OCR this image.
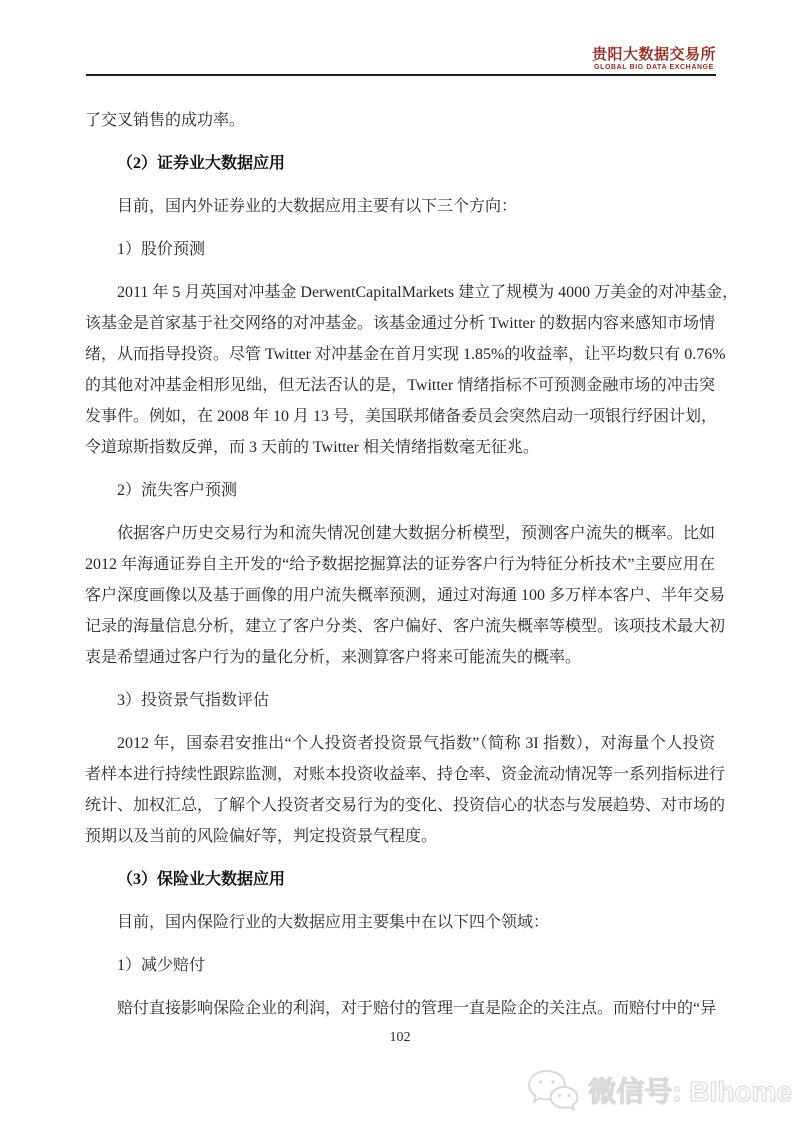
贵阳大数据交易所
GLOBAL BIG DATA EXCHANGE

了交叉销售的成功率。

（2）证券业大数据应用

目前，国内外证券业的大数据应用主要有以下三个方向：

1）股价预测

2011 年 5 月英国对冲基金 DerwentCapitalMarkets 建立了规模为 4000 万美金的对冲基金，

该基金是首家基于社交网络的对冲基金。该基金通过分析 Twitter 的数据内容来感知市场情

绪，从而指导投资。尽管 Twitter 对冲基金在首月实现 1.85%的收益率，让平均数只有 0.76%

的其他对冲基金相形见绌，但无法否认的是，Twitter 情绪指标不可预测金融市场的冲击突

发事件。例如，在 2008 年 10 月 13 号，美国联邦储备委员会突然启动一项银行纾困计划，

令道琼斯指数反弹，而 3 天前的 Twitter 相关情绪指数毫无征兆。

2）流失客户预测

依据客户历史交易行为和流失情况创建大数据分析模型，预测客户流失的概率。比如

2012 年海通证券自主开发的“给予数据挖掘算法的证券客户行为特征分析技术”主要应用在

客户深度画像以及基于画像的用户流失概率预测，通过对海通 100 多万样本客户、半年交易

记录的海量信息分析，建立了客户分类、客户偏好、客户流失概率等模型。该项技术最大初

衷是希望通过客户行为的量化分析，来测算客户将来可能流失的概率。

3）投资景气指数评估

2012 年，国泰君安推出“个人投资者投资景气指数”（简称 3I 指数），对海量个人投资

者样本进行持续性跟踪监测，对账本投资收益率、持仓率、资金流动情况等一系列指标进行

统计、加权汇总，了解个人投资者交易行为的变化、投资信心的状态与发展趋势、对市场的

预期以及当前的风险偏好等，判定投资景气程度。

（3）保险业大数据应用

目前，国内保险行业的大数据应用主要集中在以下四个领域：

1）减少赔付

赔付直接影响保险企业的利润，对于赔付的管理一直是险企的关注点。而赔付中的“异

102
微信号: BIhome
